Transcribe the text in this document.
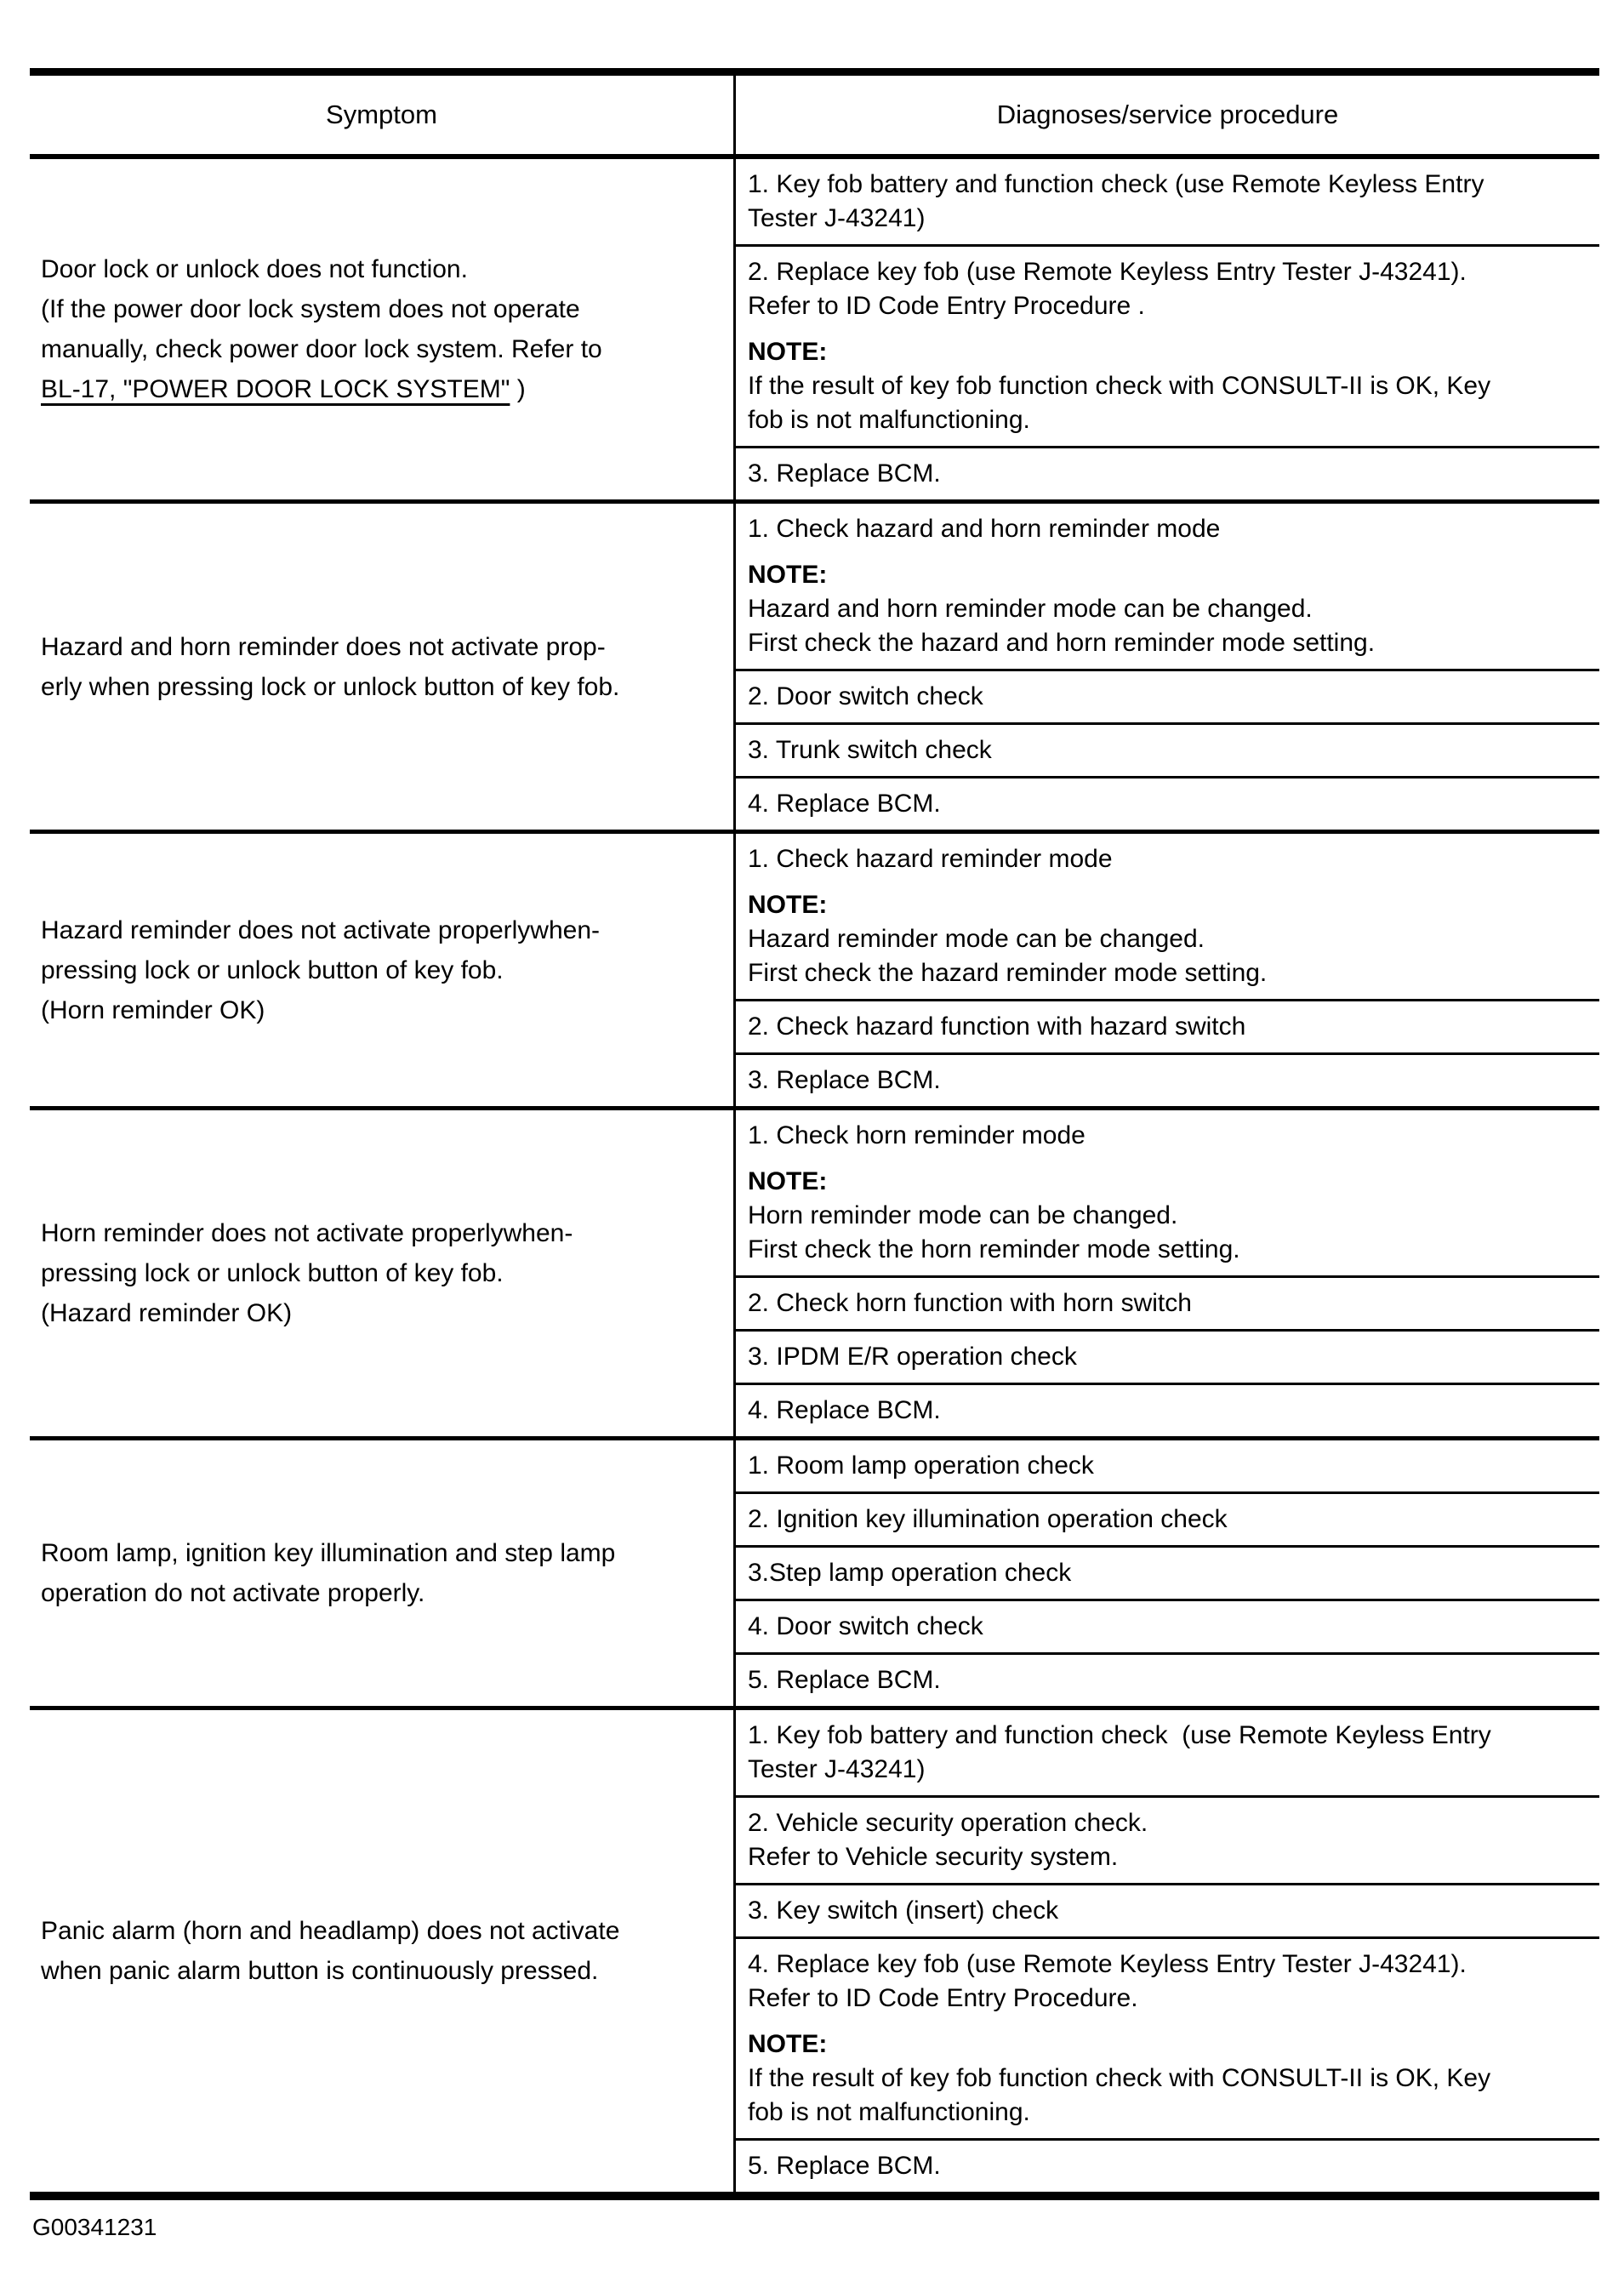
Symptom	Diagnoses/service procedure
Door lock or unlock does not function.
(If the power door lock system does not operate
manually, check power door lock system. Refer to
BL-17, "POWER DOOR LOCK SYSTEM" )
1. Key fob battery and function check (use Remote Keyless Entry
Tester J-43241)
2. Replace key fob (use Remote Keyless Entry Tester J-43241).
Refer to ID Code Entry Procedure .
NOTE:
If the result of key fob function check with CONSULT-II is OK, Key
fob is not malfunctioning.
3. Replace BCM.
Hazard and horn reminder does not activate prop-
erly when pressing lock or unlock button of key fob.
1. Check hazard and horn reminder mode
NOTE:
Hazard and horn reminder mode can be changed.
First check the hazard and horn reminder mode setting.
2. Door switch check
3. Trunk switch check
4. Replace BCM.
Hazard reminder does not activate properlywhen-
pressing lock or unlock button of key fob.
(Horn reminder OK)
1. Check hazard reminder mode
NOTE:
Hazard reminder mode can be changed.
First check the hazard reminder mode setting.
2. Check hazard function with hazard switch
3. Replace BCM.
Horn reminder does not activate properlywhen-
pressing lock or unlock button of key fob.
(Hazard reminder OK)
1. Check horn reminder mode
NOTE:
Horn reminder mode can be changed.
First check the horn reminder mode setting.
2. Check horn function with horn switch
3. IPDM E/R operation check
4. Replace BCM.
Room lamp, ignition key illumination and step lamp
operation do not activate properly.
1. Room lamp operation check
2. Ignition key illumination operation check
3.Step lamp operation check
4. Door switch check
5. Replace BCM.
Panic alarm (horn and headlamp) does not activate
when panic alarm button is continuously pressed.
1. Key fob battery and function check  (use Remote Keyless Entry
Tester J-43241)
2. Vehicle security operation check.
Refer to Vehicle security system.
3. Key switch (insert) check
4. Replace key fob (use Remote Keyless Entry Tester J-43241).
Refer to ID Code Entry Procedure.
NOTE:
If the result of key fob function check with CONSULT-II is OK, Key
fob is not malfunctioning.
5. Replace BCM.
G00341231
